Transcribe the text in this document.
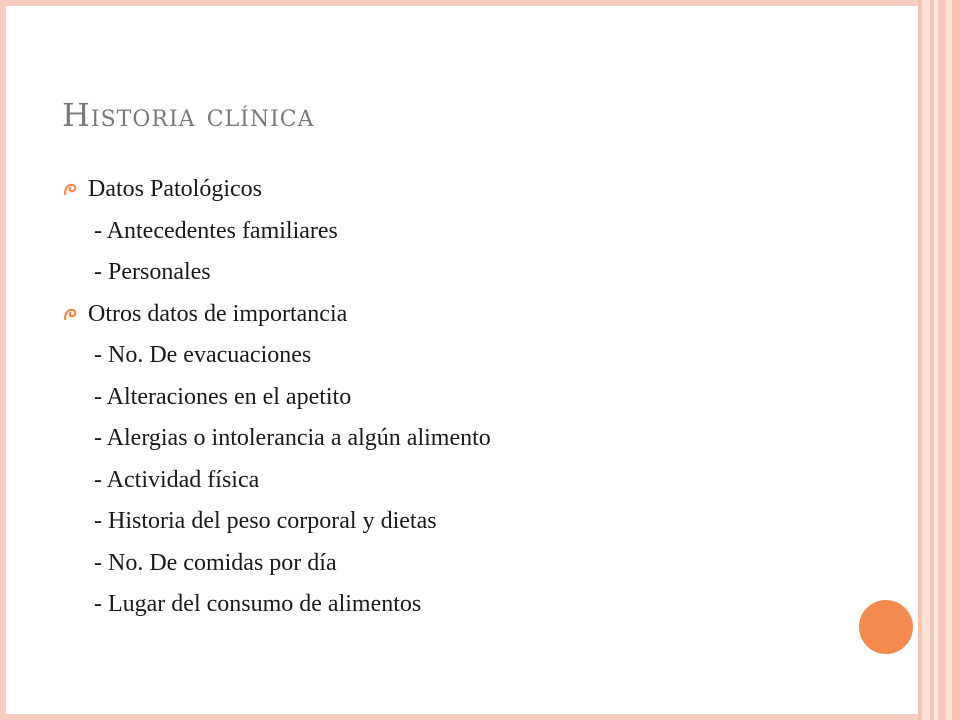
Historia clínica
Datos Patológicos
- Antecedentes familiares
- Personales
Otros datos de importancia
- No. De evacuaciones
- Alteraciones en el apetito
- Alergias o intolerancia a algún alimento
- Actividad física
- Historia del peso corporal y dietas
- No. De comidas por día
- Lugar del consumo de alimentos
